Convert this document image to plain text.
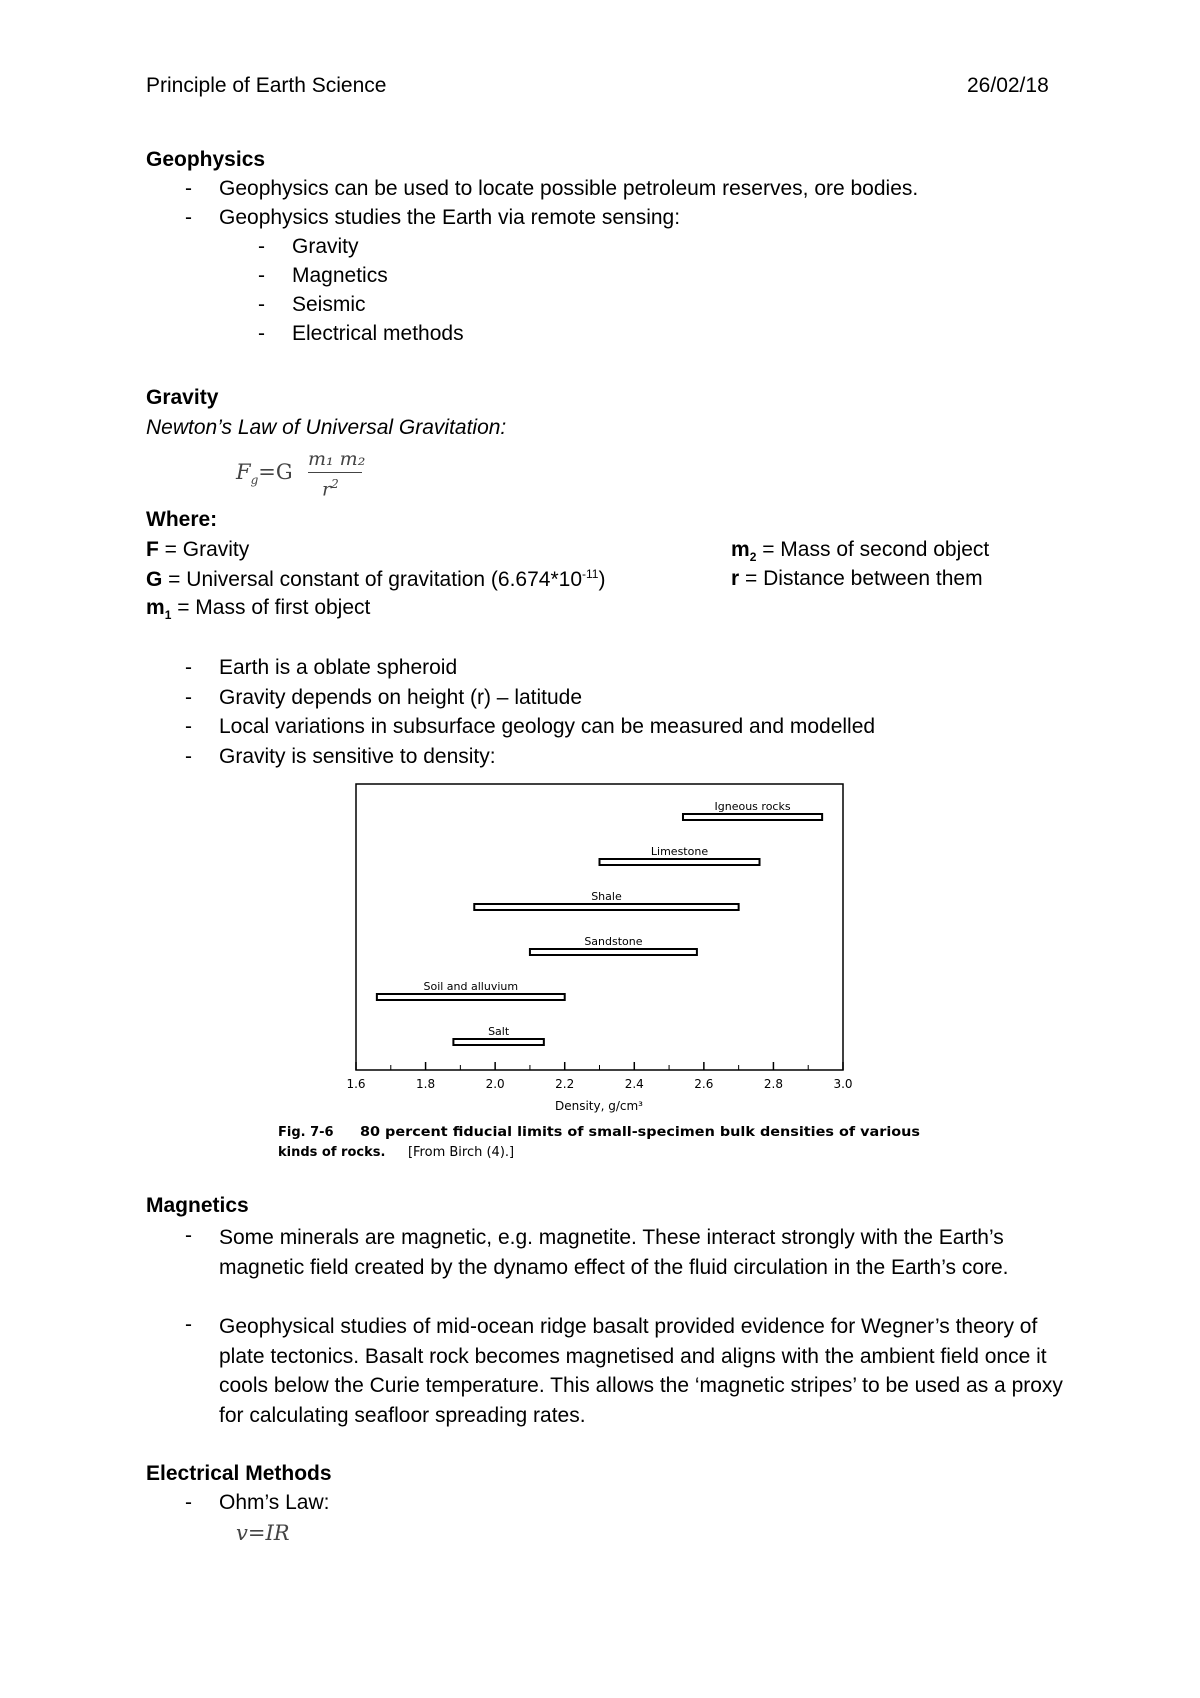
Principle of Earth Science	26/02/18
Geophysics
- Geophysics can be used to locate possible petroleum reserves, ore bodies.
- Geophysics studies the Earth via remote sensing:
- Gravity
- Magnetics
- Seismic
- Electrical methods
Gravity
Newton’s Law of Universal Gravitation:
$F_g=G$
m₁ m₂
$r^2$
Where:
F = Gravity
G = Universal constant of gravitation $(6.674*10^{-11})$
$m_1$ = Mass of first object
$m_2$ = Mass of second object
r = Distance between them
- Earth is a oblate spheroid
- Gravity depends on height (r) – latitude
- Local variations in subsurface geology can be measured and modelled
- Gravity is sensitive to density:
1.6	1.8	2.0	2.2	2.4	2.6	2.8	3.0
Igneous rocks
Limestone
Shale
Sandstone
Soil and alluvium
Salt
Density, g/cm³
Fig. 7-6 80 percent fiducial limits of small-specimen bulk densities of various
kinds of rocks. [From Birch (4).]
Magnetics
- Some minerals are magnetic, e.g. magnetite. These interact strongly with the Earth’s magnetic field created by the dynamo effect of the fluid circulation in the Earth’s core.
- Geophysical studies of mid-ocean ridge basalt provided evidence for Wegner’s theory of plate tectonics. Basalt rock becomes magnetised and aligns with the ambient field once it cools below the Curie temperature. This allows the ‘magnetic stripes’ to be used as a proxy for calculating seafloor spreading rates.
Electrical Methods
- Ohm’s Law:
v=IR
